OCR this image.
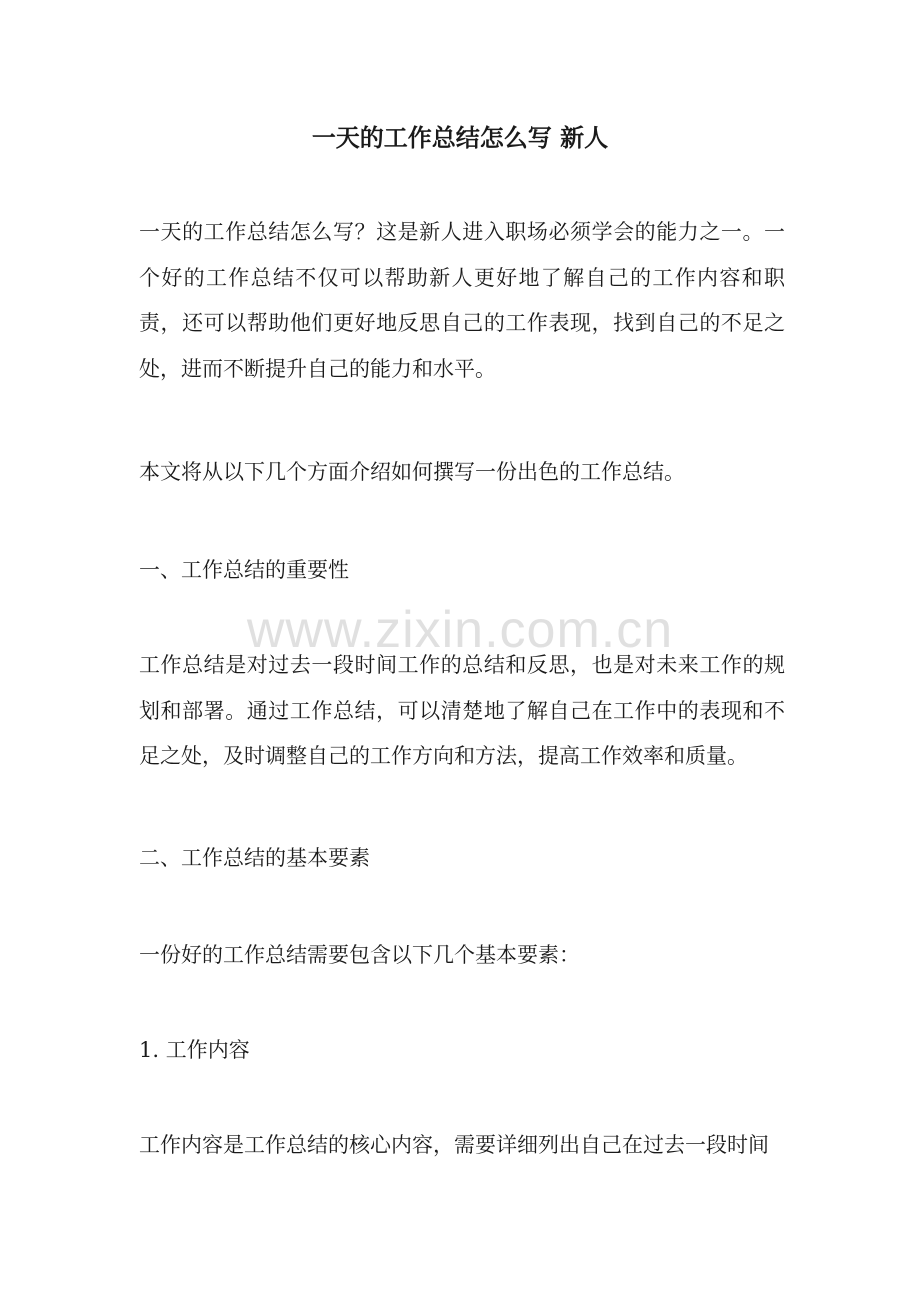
一天的工作总结怎么写 新人

一天的工作总结怎么写？这是新人进入职场必须学会的能力之一。一个好的工作总结不仅可以帮助新人更好地了解自己的工作内容和职责，还可以帮助他们更好地反思自己的工作表现，找到自己的不足之处，进而不断提升自己的能力和水平。

本文将从以下几个方面介绍如何撰写一份出色的工作总结。

一、工作总结的重要性

工作总结是对过去一段时间工作的总结和反思，也是对未来工作的规划和部署。通过工作总结，可以清楚地了解自己在工作中的表现和不足之处，及时调整自己的工作方向和方法，提高工作效率和质量。

二、工作总结的基本要素

一份好的工作总结需要包含以下几个基本要素：

1. 工作内容

工作内容是工作总结的核心内容，需要详细列出自己在过去一段时间

www.zixin.com.cn
